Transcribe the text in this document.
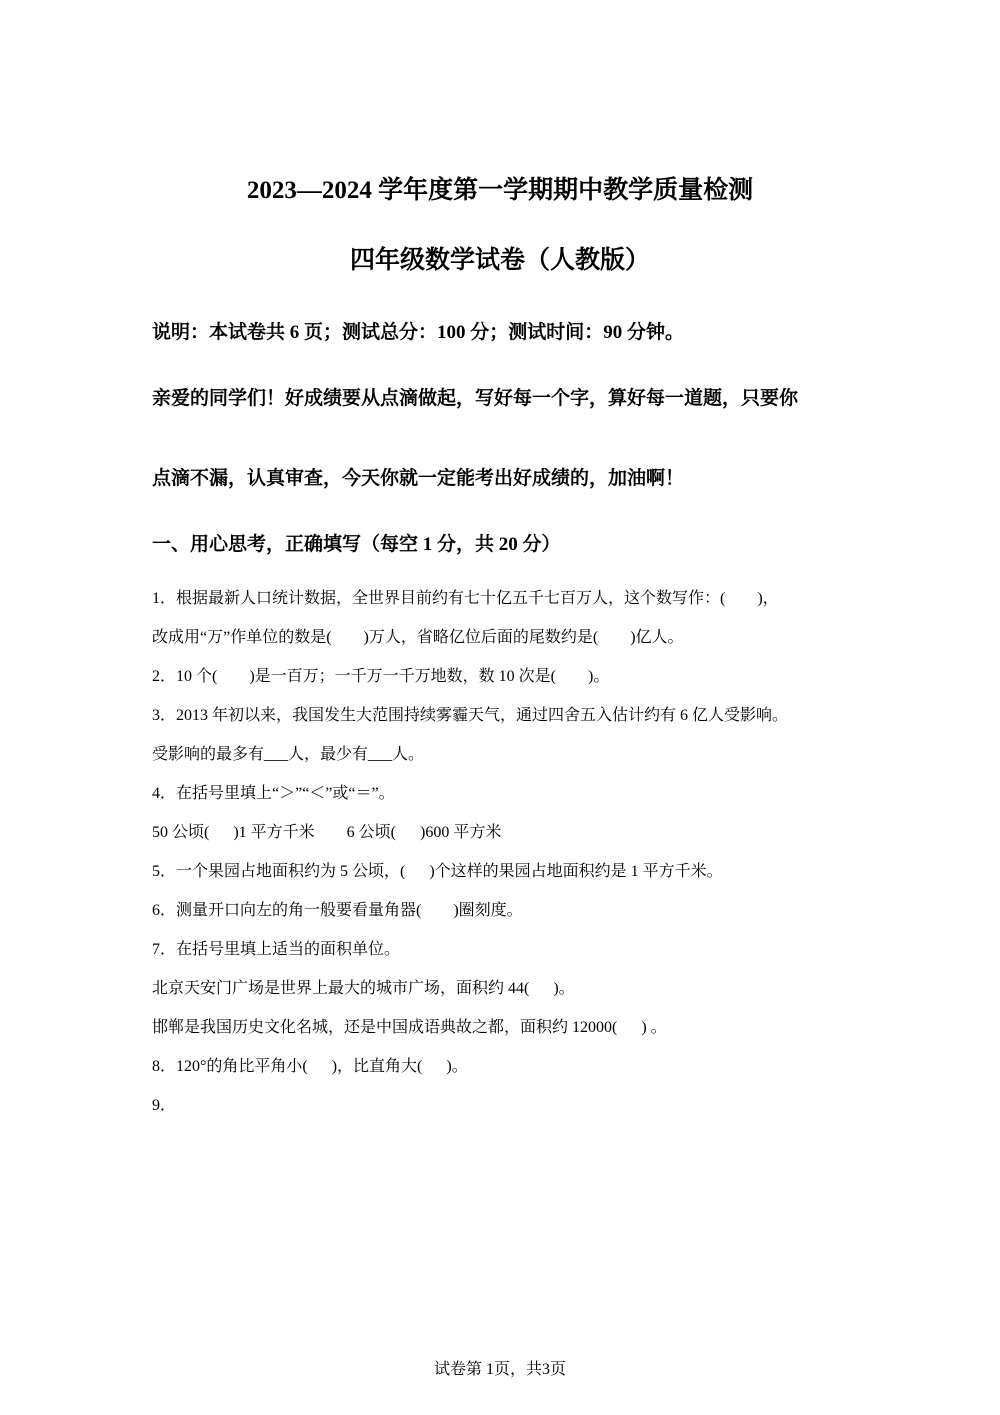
2023—2024 学年度第一学期期中教学质量检测
四年级数学试卷（人教版）
说明：本试卷共 6 页；测试总分：100 分；测试时间：90 分钟。
亲爱的同学们！好成绩要从点滴做起，写好每一个字，算好每一道题，只要你
点滴不漏，认真审查，今天你就一定能考出好成绩的，加油啊！
一、用心思考，正确填写（每空 1 分，共 20 分）
1．根据最新人口统计数据，全世界目前约有七十亿五千七百万人，这个数写作：(        )，
改成用“万”作单位的数是(        )万人，省略亿位后面的尾数约是(        )亿人。
2．10 个(        )是一百万；一千万一千万地数，数 10 次是(        )。
3．2013 年初以来，我国发生大范围持续雾霾天气，通过四舍五入估计约有 6 亿人受影响。
受影响的最多有___人，最少有___人。
4．在括号里填上“＞”“＜”或“＝”。
50 公顷(      )1 平方千米        6 公顷(      )600 平方米
5．一个果园占地面积约为 5 公顷，(      )个这样的果园占地面积约是 1 平方千米。
6．测量开口向左的角一般要看量角器(        )圈刻度。
7．在括号里填上适当的面积单位。
北京天安门广场是世界上最大的城市广场，面积约 44(      )。
邯郸是我国历史文化名城，还是中国成语典故之都，面积约 12000(      ) 。
8．120°的角比平角小(      )，比直角大(      )。
9．
试卷第 1页，共3页
